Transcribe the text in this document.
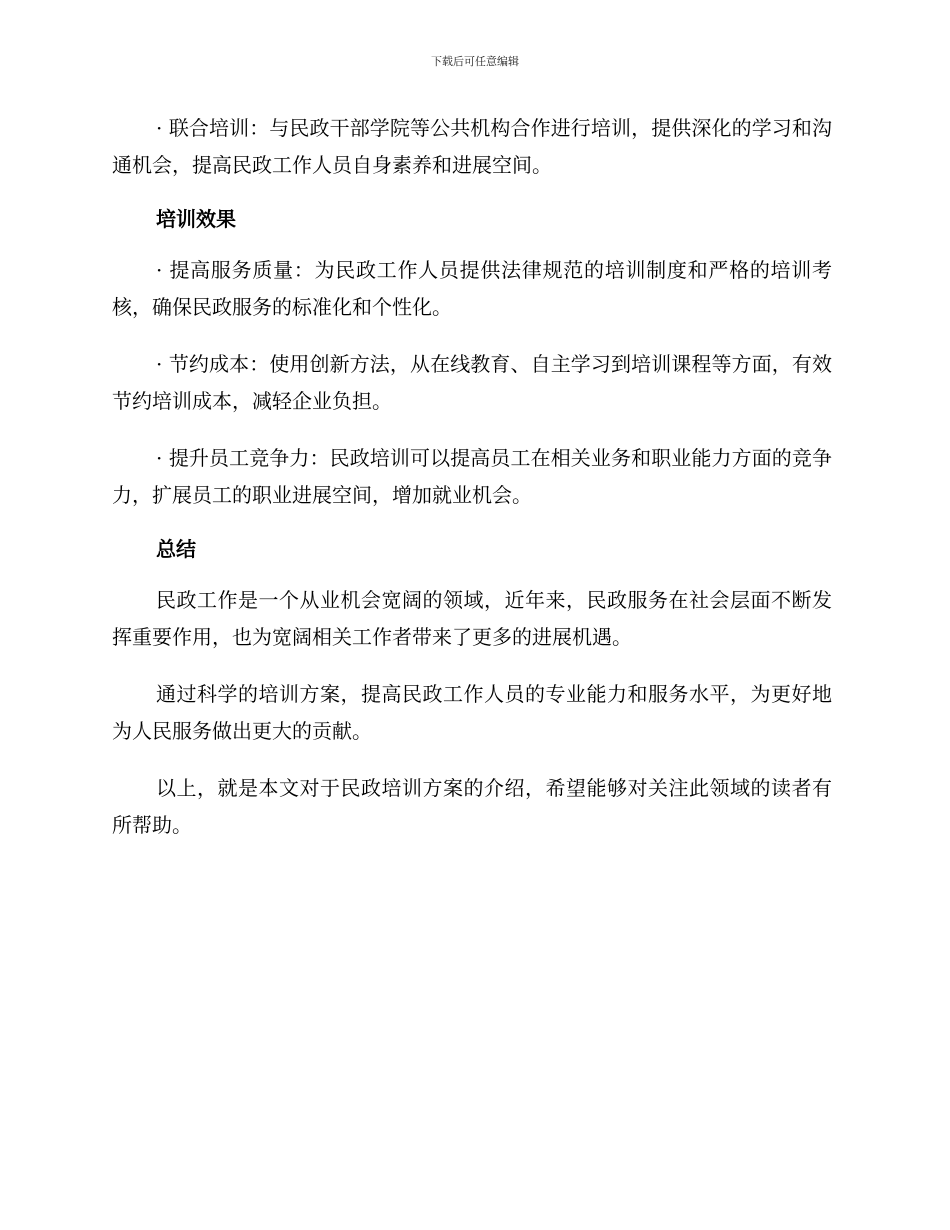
下载后可任意编辑

· 联合培训：与民政干部学院等公共机构合作进行培训，提供深化的学习和沟通机会，提高民政工作人员自身素养和进展空间。

培训效果

· 提高服务质量：为民政工作人员提供法律规范的培训制度和严格的培训考核，确保民政服务的标准化和个性化。

· 节约成本：使用创新方法，从在线教育、自主学习到培训课程等方面，有效节约培训成本，减轻企业负担。

· 提升员工竞争力：民政培训可以提高员工在相关业务和职业能力方面的竞争力，扩展员工的职业进展空间，增加就业机会。

总结

民政工作是一个从业机会宽阔的领域，近年来，民政服务在社会层面不断发挥重要作用，也为宽阔相关工作者带来了更多的进展机遇。

通过科学的培训方案，提高民政工作人员的专业能力和服务水平，为更好地为人民服务做出更大的贡献。

以上，就是本文对于民政培训方案的介绍，希望能够对关注此领域的读者有所帮助。
